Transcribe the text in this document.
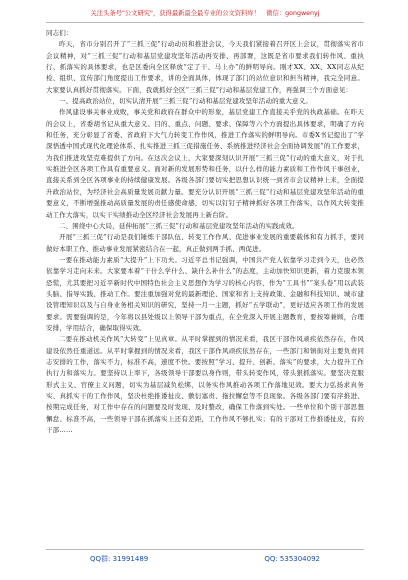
关注头条号"公文研究"，获得最新最全最专业的公文资料库！　微信：gongwenyj

同志们：

昨天，省市分别召开了“三抓三促”行动动员和推进会议，今天我们紧接着召开区上会议，贯彻落实省市会议精神，对“三抓三促”行动和基层党建攻坚年活动再安排、再部署，这既是省市要求我们转作风、重执行、抓落实的具体要求，也是区委向全区释放“定了干、马上办”的鲜明导向。刚才XX、XX、XX同志从纪检、组织、宣传部门角度提出工作要求，讲的全面具体，体现了部门的站位意识和担当精神，我完全同意。大家要认真抓好贯彻落实。下面，我就抓好全区“三抓三促”行动和基层党建工作，再强调三个方面意见：

一、提高政治站位，切实认清开展“三抓三促”行动和基层党建攻坚年活动的重大意义。

作风建设事关事业成败，事关党和政府在群众中的形象，基层党建工作直接关乎党的执政基础。在昨天的会议上，省委胡书记从重大意义、目的、重点、问题、要求、保障等六个方面提出具体要求，明确了方向和任务，充分彰显了省委、省政府下大气力转变工作作风、推进工作落实的鲜明导向。市委X书记提出了“学深悟透中国式现代化理论体系、扎实推进三抓三促措施任务、系统推进经济社会全面协调发展”的工作要求，为我们推进攻坚克难提供了方向。在这次会议上，大家要深刻认识开展“三抓三促”行动的重大意义，对于扎实推进全区各项工作具有重要意义。面对新的发展形势和任务，以什么样的能力素质和工作作风干事创业，直接关系到全区各项事业的持续健康发展。各级各部门要切实把思想认识统一到省市会议精神上来，全面提升政治站位，为经济社会高质量发展贡献力量。要充分认识开展“三抓三促”行动和基层党建攻坚年活动的重要意义，不断增强推动高质量发展的责任感使命感，切实以钉钉子精神抓好各项工作落实，以作风大转变推动工作大落实，以实干实绩推动全区经济社会发展再上新台阶。

二、围绕中心大局，延伸拓展“三抓三促”行动和基层党建攻坚年活动的实践成效。

开展“三抓三促”行动是我们锤炼干部队伍、转变工作作风、促进事业发展的重要载体和有力抓手，要同做好本职工作、推动事业发展紧密结合在一起，真正做到两手抓、两促进。

一要在推动能力素质“大提升”上下功夫。习近平总书记强调，中国共产党人依靠学习走到今天，也必然依靠学习走向未来。大家要本着“干什么学什么、缺什么补什么”的态度，主动加快知识更新，着力克服本领恐慌，尤其要把习近平新时代中国特色社会主义思想作为学习的核心内容，作为“工具书”“案头卷”用以武装头脑、指导实践、推动工作。要注重加强对党的最新理论、国家和省上支持政策、金融和科技知识、城市建设管理知识以及与自身业务相关知识的研究，坚持一月一主题，抓好“五学联动”，更好适应各项工作的发展要求。需要强调的是，今年将以县处级以上领导干部为重点，在全党深入开展主题教育，要按筹兼顾，合理安排，学用结合，确保取得实效。

二要在推动机关作风“大转变”上见真章。从平时掌握到的情况来看，我区干部作风顽疾依然存在，作风建设依然任重道远。从平时掌握到的情况来看，我区干部作风顽疾依然存在，一些部门和镇街对主要负责同志安排的工作，落实不力，标准不高，速度不快。要按照“学习、提升、创新、落实”的要求，大力提升工作执行力和落实力。要坚持以上率下，各级领导干部要以身作则，带头转变作风，带头狠抓落实。要坚决克服形式主义、官僚主义问题，切实为基层减负松绑，以务实作风推动各项工作落地见效。要大力弘扬求真务实、真抓实干的工作作风，坚决杜绝推诿扯皮、敷衍塞责、拖拉懈怠等不良现象。各级各部门要有序推进、按期完成任务，对工作中存在的问题要及时发现、及时整改，确保工作落到实处。一些单位和个别干部思想懈怠、标准不高，一些领导干部在抓落实上还有差距，工作作风不够扎实；有的干部对工作推诿扯皮，有的干部……

QQ群: 31991489	QQ: 535304092
